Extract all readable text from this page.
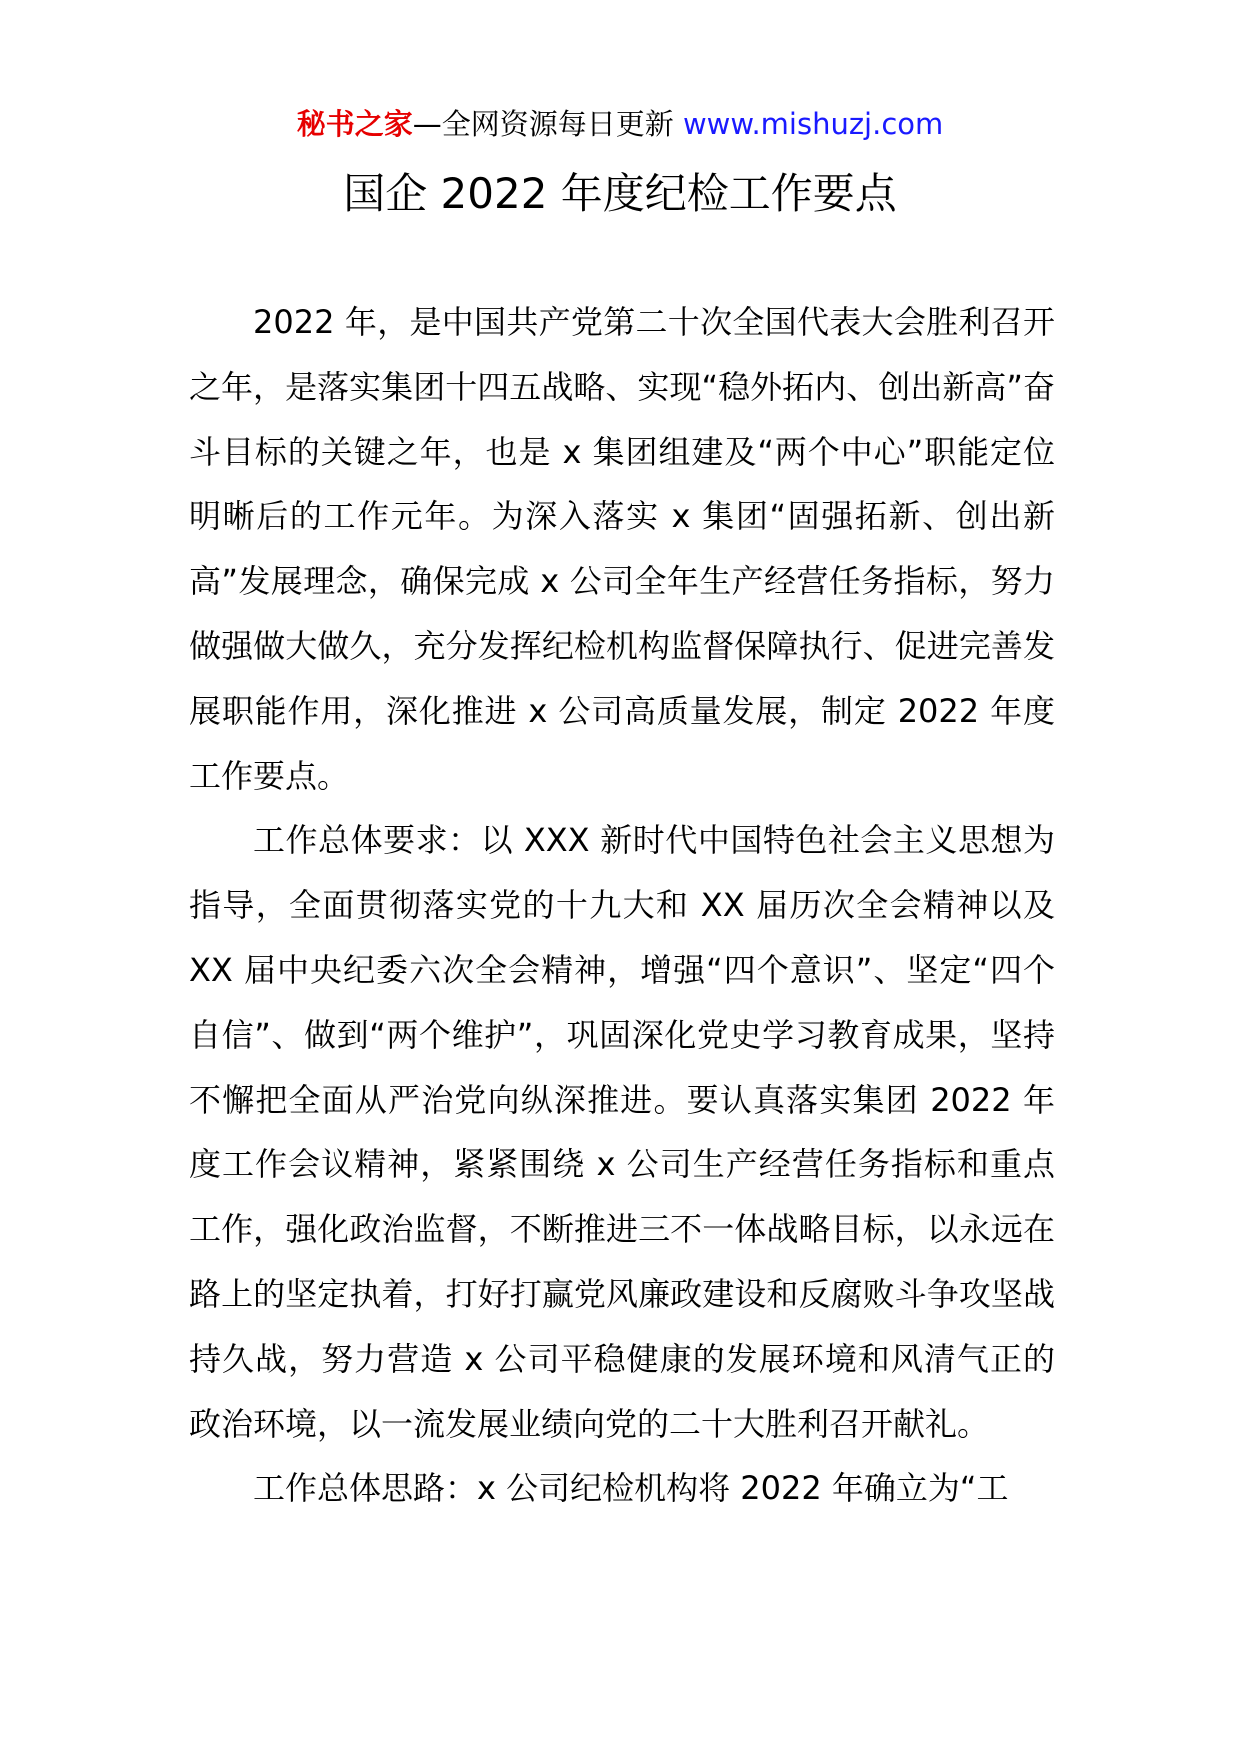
秘书之家—全网资源每日更新 www.mishuzj.com
国企 2022 年度纪检工作要点

2022 年，是中国共产党第二十次全国代表大会胜利召开之年，是落实集团十四五战略、实现“稳外拓内、创出新高”奋斗目标的关键之年，也是 x 集团组建及“两个中心”职能定位明晰后的工作元年。为深入落实 x 集团“固强拓新、创出新高”发展理念，确保完成 x 公司全年生产经营任务指标，努力做强做大做久，充分发挥纪检机构监督保障执行、促进完善发展职能作用，深化推进 x 公司高质量发展，制定 2022 年度工作要点。

工作总体要求：以 XXX 新时代中国特色社会主义思想为指导，全面贯彻落实党的十九大和 XX 届历次全会精神以及 XX 届中央纪委六次全会精神，增强“四个意识”、坚定“四个自信”、做到“两个维护”，巩固深化党史学习教育成果，坚持不懈把全面从严治党向纵深推进。要认真落实集团 2022 年度工作会议精神，紧紧围绕 x 公司生产经营任务指标和重点工作，强化政治监督，不断推进三不一体战略目标，以永远在路上的坚定执着，打好打赢党风廉政建设和反腐败斗争攻坚战持久战，努力营造 x 公司平稳健康的发展环境和风清气正的政治环境，以一流发展业绩向党的二十大胜利召开献礼。

工作总体思路：x 公司纪检机构将 2022 年确立为“工
